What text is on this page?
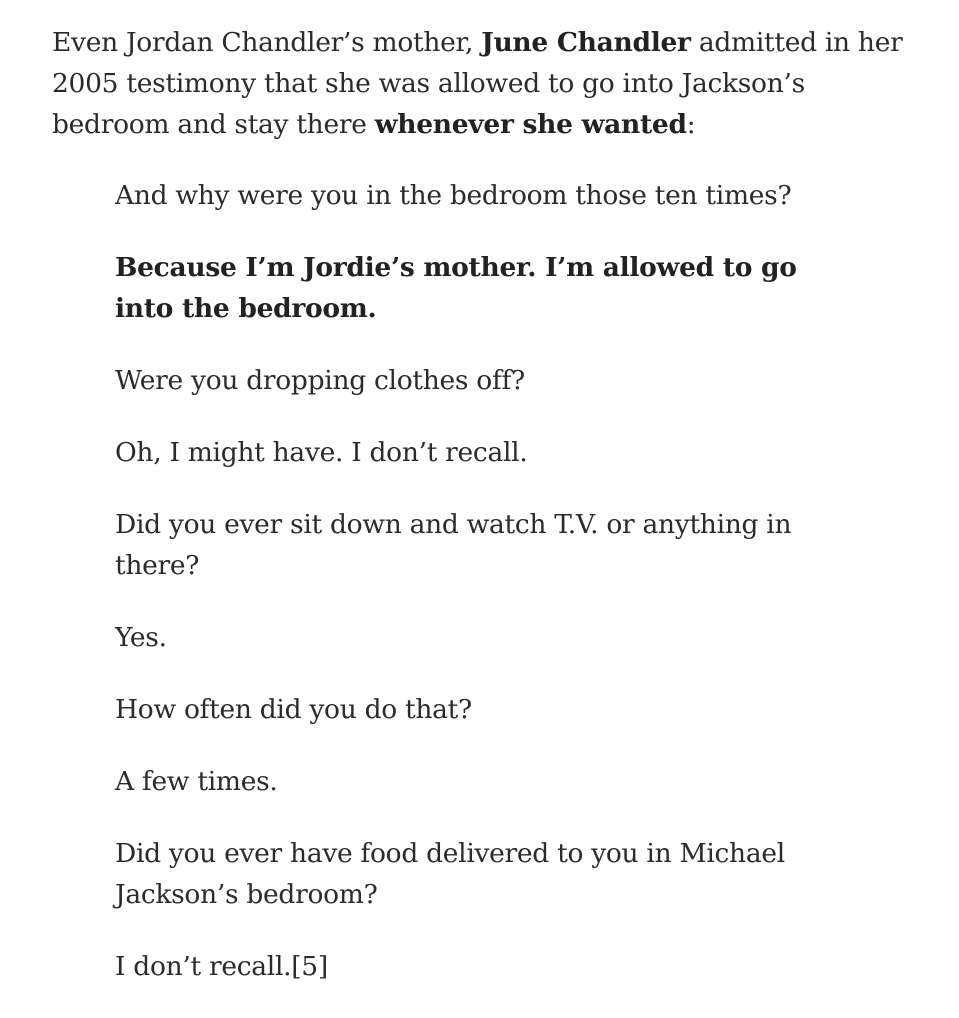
Even Jordan Chandler’s mother, June Chandler admitted in her 2005 testimony that she was allowed to go into Jackson’s bedroom and stay there whenever she wanted:

And why were you in the bedroom those ten times?

Because I’m Jordie’s mother. I’m allowed to go into the bedroom.

Were you dropping clothes off?

Oh, I might have. I don’t recall.

Did you ever sit down and watch T.V. or anything in there?

Yes.

How often did you do that?

A few times.

Did you ever have food delivered to you in Michael Jackson’s bedroom?

I don’t recall.[5]
